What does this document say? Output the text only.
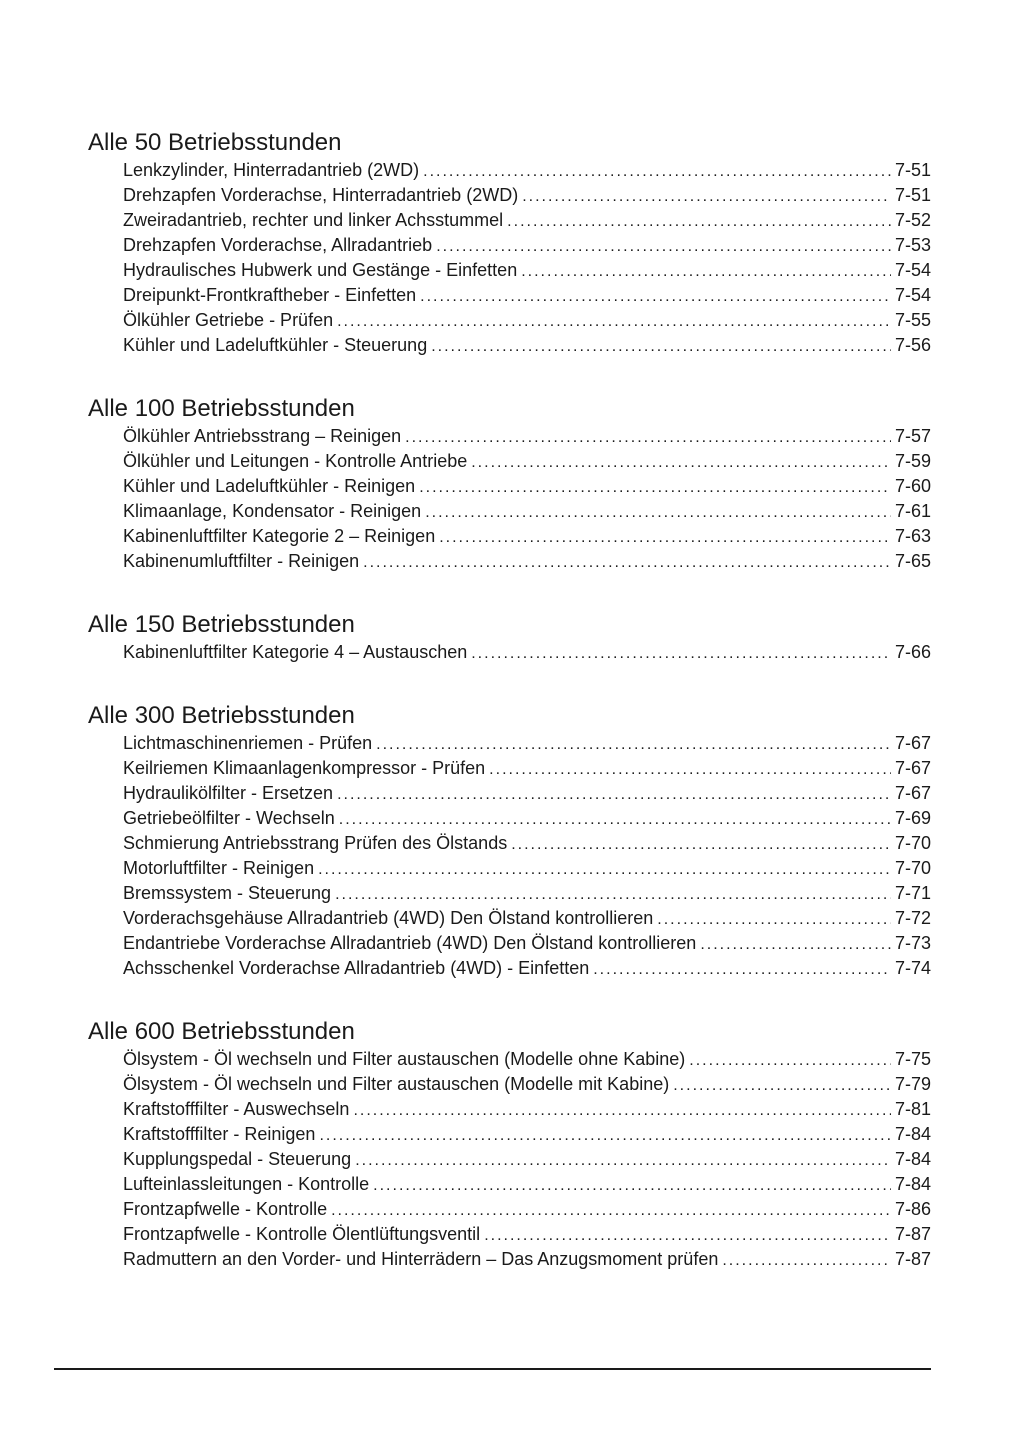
Alle 50 Betriebsstunden
Lenkzylinder, Hinterradantrieb (2WD) .....	7-51
Drehzapfen Vorderachse, Hinterradantrieb (2WD) .....	7-51
Zweiradantrieb, rechter und linker Achsstummel .....	7-52
Drehzapfen Vorderachse, Allradantrieb .....	7-53
Hydraulisches Hubwerk und Gestänge - Einfetten .....	7-54
Dreipunkt-Frontkraftheber - Einfetten .....	7-54
Ölkühler Getriebe - Prüfen .....	7-55
Kühler und Ladeluftkühler - Steuerung .....	7-56
Alle 100 Betriebsstunden
Ölkühler Antriebsstrang – Reinigen .....	7-57
Ölkühler und Leitungen - Kontrolle Antriebe .....	7-59
Kühler und Ladeluftkühler - Reinigen .....	7-60
Klimaanlage, Kondensator - Reinigen .....	7-61
Kabinenluftfilter Kategorie 2 – Reinigen .....	7-63
Kabinenumluftfilter - Reinigen .....	7-65
Alle 150 Betriebsstunden
Kabinenluftfilter Kategorie 4 – Austauschen .....	7-66
Alle 300 Betriebsstunden
Lichtmaschinenriemen - Prüfen .....	7-67
Keilriemen Klimaanlagenkompressor - Prüfen .....	7-67
Hydraulikölfilter - Ersetzen .....	7-67
Getriebeölfilter - Wechseln .....	7-69
Schmierung Antriebsstrang Prüfen des Ölstands .....	7-70
Motorluftfilter - Reinigen .....	7-70
Bremssystem - Steuerung .....	7-71
Vorderachsgehäuse Allradantrieb (4WD) Den Ölstand kontrollieren .....	7-72
Endantriebe Vorderachse Allradantrieb (4WD) Den Ölstand kontrollieren .....	7-73
Achsschenkel Vorderachse Allradantrieb (4WD) - Einfetten .....	7-74
Alle 600 Betriebsstunden
Ölsystem - Öl wechseln und Filter austauschen (Modelle ohne Kabine) .....	7-75
Ölsystem - Öl wechseln und Filter austauschen (Modelle mit Kabine) .....	7-79
Kraftstofffilter - Auswechseln .....	7-81
Kraftstofffilter - Reinigen .....	7-84
Kupplungspedal - Steuerung .....	7-84
Lufteinlassleitungen - Kontrolle .....	7-84
Frontzapfwelle - Kontrolle .....	7-86
Frontzapfwelle - Kontrolle Ölentlüftungsventil .....	7-87
Radmuttern an den Vorder- und Hinterrädern – Das Anzugsmoment prüfen .....	7-87
